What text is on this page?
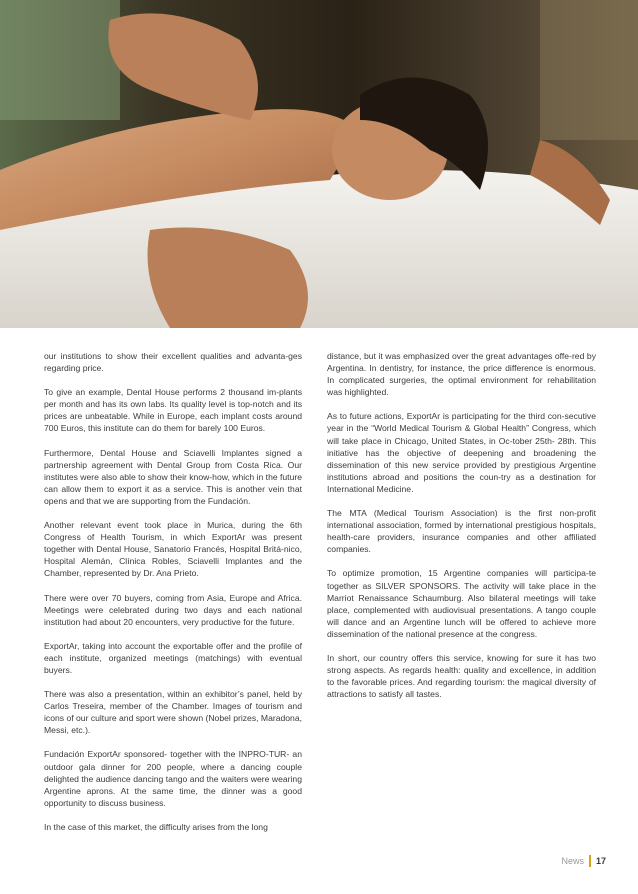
our institutions to show their excellent qualities and advanta-ges regarding price.

To give an example, Dental House performs 2 thousand im-plants per month and has its own labs. Its quality level is top-notch and its prices are unbeatable. While in Europe, each implant costs around 700 Euros, this institute can do them for barely 100 Euros.

Furthermore, Dental House and Sciavelli Implantes signed a partnership agreement with Dental Group from Costa Rica. Our institutes were also able to show their know-how, which in the future can allow them to export it as a service. This is another vein that opens and that we are supporting from the Fundación.

Another relevant event took place in Murica, during the 6th Congress of Health Tourism, in which ExportAr was present together with Dental House, Sanatorio Francés, Hospital Britá-nico, Hospital Alemán, Clínica Robles, Sciavelli Implantes and the Chamber, represented by Dr. Ana Prieto.

There were over 70 buyers, coming from Asia, Europe and Africa. Meetings were celebrated during two days and each national institution had about 20 encounters, very productive for the future.

ExportAr, taking into account the exportable offer and the profile of each institute, organized meetings (matchings) with eventual buyers.

There was also a presentation, within an exhibitor’s panel, held by Carlos Treseira, member of the Chamber. Images of tourism and icons of our culture and sport were shown (Nobel prizes, Maradona, Messi, etc.).

Fundación ExportAr sponsored- together with the INPRO-TUR- an outdoor gala dinner for 200 people, where a dancing couple delighted the audience dancing tango and the waiters were wearing Argentine aprons. At the same time, the dinner was a good opportunity to discuss business.

In the case of this market, the difficulty arises from the long

distance, but it was emphasized over the great advantages offe-red by Argentina. In dentistry, for instance, the price difference is enormous. In complicated surgeries, the optimal environment for rehabilitation was highlighted.

As to future actions, ExportAr is participating for the third con-secutive year in the “World Medical Tourism & Global Health” Congress, which will take place in Chicago, United States, in Oc-tober 25th- 28th. This initiative has the objective of deepening and broadening the dissemination of this new service provided by prestigious Argentine institutions abroad and positions the coun-try as a destination for International Medicine.

The MTA (Medical Tourism Association) is the first non-profit international association, formed by international prestigious hospitals, health-care providers, insurance companies and other affiliated companies.

To optimize promotion, 15 Argentine companies will participa-te together as SILVER SPONSORS. The activity will take place in the Marriot Renaissance Schaumburg. Also bilateral meetings will take place, complemented with audiovisual presentations. A tango couple will dance and an Argentine lunch will be offered to achieve more dissemination of the national presence at the congress.

In short, our country offers this service, knowing for sure it has two strong aspects. As regards health: quality and excellence, in addition to the favorable prices. And regarding tourism: the magical diversity of attractions to satisfy all tastes.

News 17
